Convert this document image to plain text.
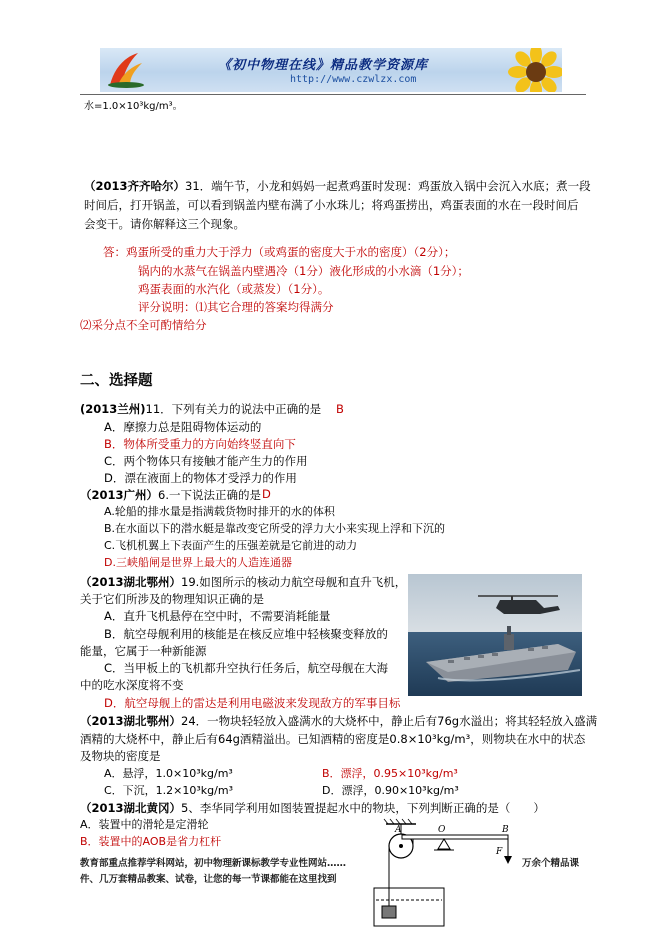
《初中物理在线》精品教学资源库
http://www.czwlzx.com
水=1.0×10³kg/m³。
（2013齐齐哈尔）31．端午节，小龙和妈妈一起煮鸡蛋时发现：鸡蛋放入锅中会沉入水底；煮一段
时间后，打开锅盖，可以看到锅盖内壁布满了小水珠儿；将鸡蛋捞出，鸡蛋表面的水在一段时间后
会变干。请你解释这三个现象。
答：鸡蛋所受的重力大于浮力（或鸡蛋的密度大于水的密度）（2分）；
锅内的水蒸气在锅盖内壁遇冷（1分）液化形成的小水滴（1分）；
鸡蛋表面的水汽化（或蒸发）（1分）。
评分说明：⑴其它合理的答案均得满分
⑵采分点不全可酌情给分
二、选择题
(2013兰州)11．下列有关力的说法中正确的是 B
A．摩擦力总是阻碍物体运动的
B．物体所受重力的方向始终竖直向下
C．两个物体只有接触才能产生力的作用
D．漂在液面上的物体才受浮力的作用
（2013广州）6.一下说法正确的是 D
A.轮船的排水量是指满载货物时排开的水的体积
B.在水面以下的潜水艇是靠改变它所受的浮力大小来实现上浮和下沉的
C.飞机机翼上下表面产生的压强差就是它前进的动力
D.三峡船闸是世界上最大的人造连通器
（2013湖北鄂州）19.如图所示的核动力航空母舰和直升飞机，
关于它们所涉及的物理知识正确的是
A．直升飞机悬停在空中时，不需要消耗能量
B．航空母舰利用的核能是在核反应堆中轻核聚变释放的
能量，它属于一种新能源
C．当甲板上的飞机都升空执行任务后，航空母舰在大海
中的吃水深度将不变
D．航空母舰上的雷达是利用电磁波来发现敌方的军事目标
（2013湖北鄂州）24．一物块轻轻放入盛满水的大烧杯中，静止后有76g水溢出；将其轻轻放入盛满
酒精的大烧杯中，静止后有64g酒精溢出。已知酒精的密度是0.8×10³kg/m³，则物块在水中的状态
及物块的密度是
A．悬浮，1.0×10³kg/m³	B．漂浮，0.95×10³kg/m³
C．下沉，1.2×10³kg/m³	D．漂浮，0.90×10³kg/m³
（2013湖北黄冈）5、李华同学利用如图装置提起水中的物块，下列判断正确的是（　　）
A．装置中的滑轮是定滑轮
B．装置中的AOB是省力杠杆
A	O	B
F
教育部重点推荐学科网站，初中物理新课标教学专业性网站……	万余个精品课
件、几万套精品教案、试卷，让您的每一节课都能在这里找到
